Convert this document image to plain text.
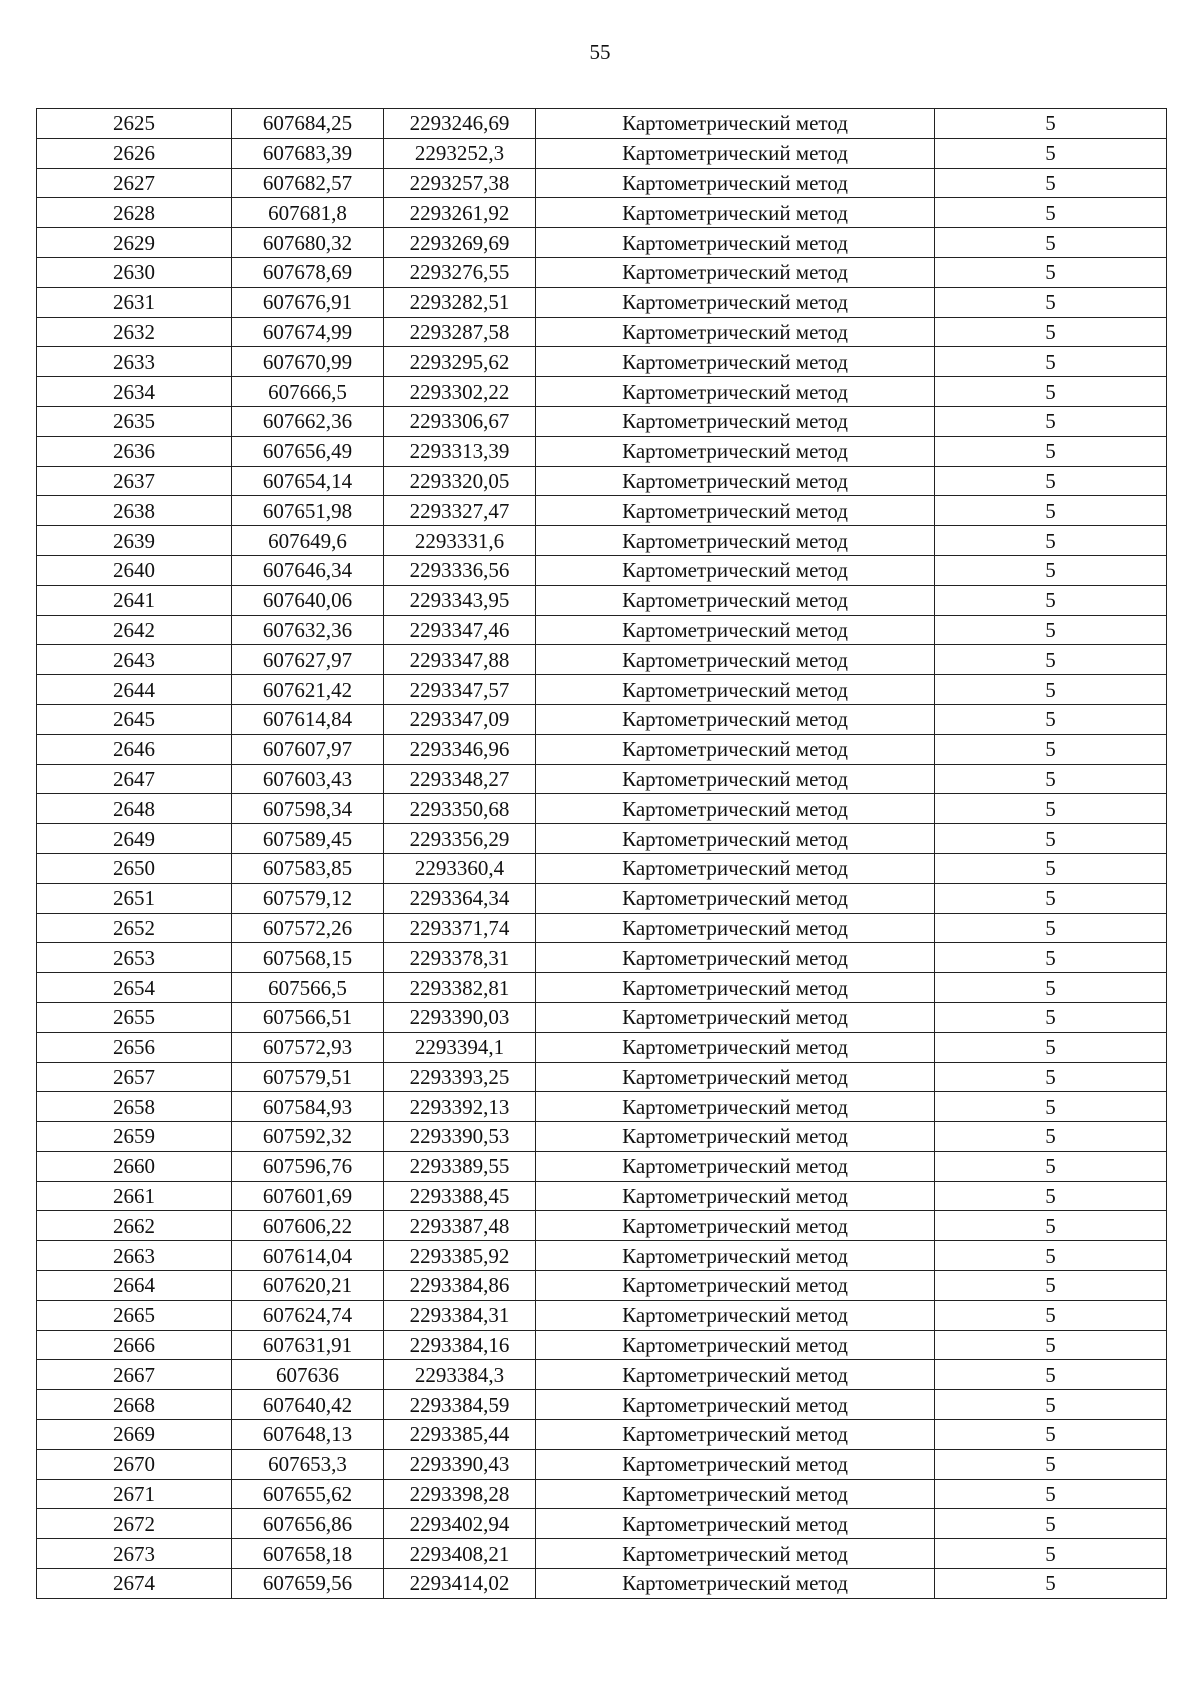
55
2625	607684,25	2293246,69	Картометрический метод	5
2626	607683,39	2293252,3	Картометрический метод	5
2627	607682,57	2293257,38	Картометрический метод	5
2628	607681,8	2293261,92	Картометрический метод	5
2629	607680,32	2293269,69	Картометрический метод	5
2630	607678,69	2293276,55	Картометрический метод	5
2631	607676,91	2293282,51	Картометрический метод	5
2632	607674,99	2293287,58	Картометрический метод	5
2633	607670,99	2293295,62	Картометрический метод	5
2634	607666,5	2293302,22	Картометрический метод	5
2635	607662,36	2293306,67	Картометрический метод	5
2636	607656,49	2293313,39	Картометрический метод	5
2637	607654,14	2293320,05	Картометрический метод	5
2638	607651,98	2293327,47	Картометрический метод	5
2639	607649,6	2293331,6	Картометрический метод	5
2640	607646,34	2293336,56	Картометрический метод	5
2641	607640,06	2293343,95	Картометрический метод	5
2642	607632,36	2293347,46	Картометрический метод	5
2643	607627,97	2293347,88	Картометрический метод	5
2644	607621,42	2293347,57	Картометрический метод	5
2645	607614,84	2293347,09	Картометрический метод	5
2646	607607,97	2293346,96	Картометрический метод	5
2647	607603,43	2293348,27	Картометрический метод	5
2648	607598,34	2293350,68	Картометрический метод	5
2649	607589,45	2293356,29	Картометрический метод	5
2650	607583,85	2293360,4	Картометрический метод	5
2651	607579,12	2293364,34	Картометрический метод	5
2652	607572,26	2293371,74	Картометрический метод	5
2653	607568,15	2293378,31	Картометрический метод	5
2654	607566,5	2293382,81	Картометрический метод	5
2655	607566,51	2293390,03	Картометрический метод	5
2656	607572,93	2293394,1	Картометрический метод	5
2657	607579,51	2293393,25	Картометрический метод	5
2658	607584,93	2293392,13	Картометрический метод	5
2659	607592,32	2293390,53	Картометрический метод	5
2660	607596,76	2293389,55	Картометрический метод	5
2661	607601,69	2293388,45	Картометрический метод	5
2662	607606,22	2293387,48	Картометрический метод	5
2663	607614,04	2293385,92	Картометрический метод	5
2664	607620,21	2293384,86	Картометрический метод	5
2665	607624,74	2293384,31	Картометрический метод	5
2666	607631,91	2293384,16	Картометрический метод	5
2667	607636	2293384,3	Картометрический метод	5
2668	607640,42	2293384,59	Картометрический метод	5
2669	607648,13	2293385,44	Картометрический метод	5
2670	607653,3	2293390,43	Картометрический метод	5
2671	607655,62	2293398,28	Картометрический метод	5
2672	607656,86	2293402,94	Картометрический метод	5
2673	607658,18	2293408,21	Картометрический метод	5
2674	607659,56	2293414,02	Картометрический метод	5
